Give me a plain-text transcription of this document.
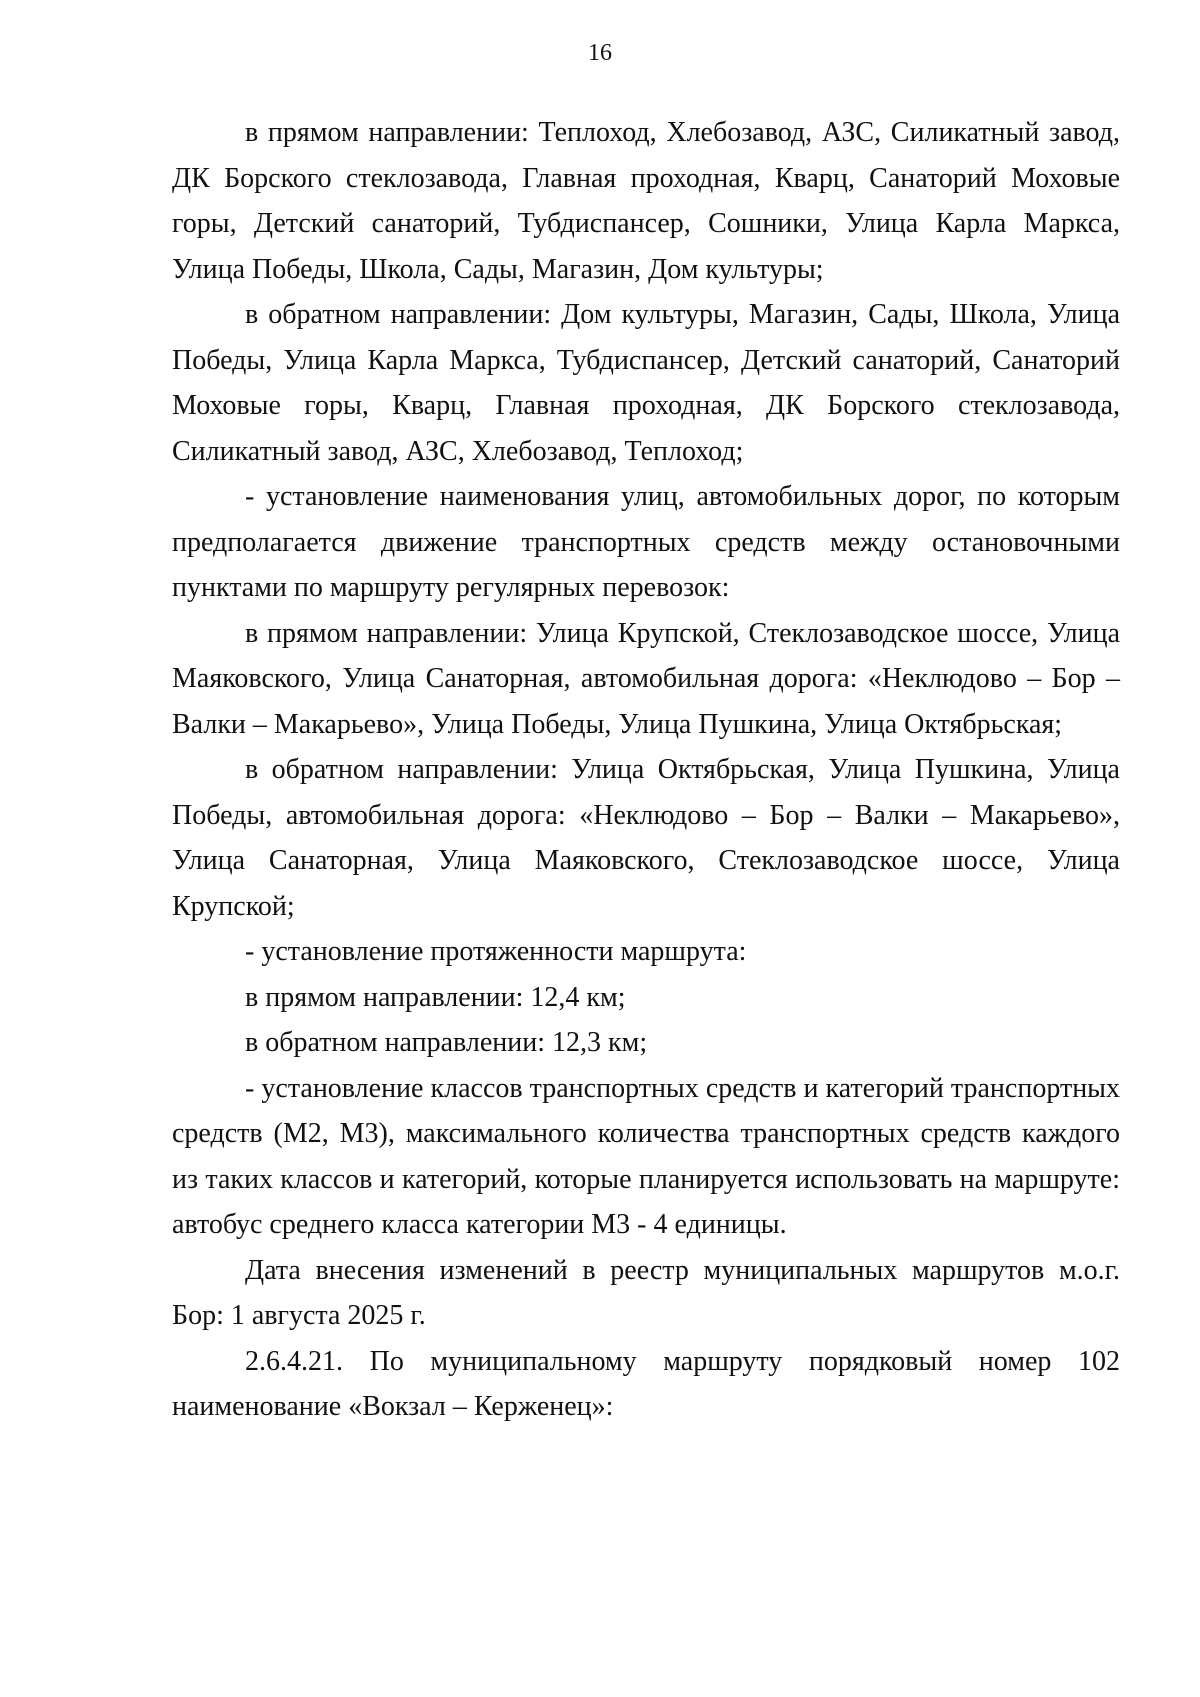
16

в прямом направлении: Теплоход, Хлебозавод, АЗС, Силикатный завод, ДК Борского стеклозавода, Главная проходная, Кварц, Санаторий Моховые горы, Детский санаторий, Тубдиспансер, Сошники, Улица Карла Маркса, Улица Победы, Школа, Сады, Магазин, Дом культуры;

в обратном направлении: Дом культуры, Магазин, Сады, Школа, Улица Победы, Улица Карла Маркса, Тубдиспансер, Детский санаторий, Санаторий Моховые горы, Кварц, Главная проходная, ДК Борского стеклозавода, Силикатный завод, АЗС, Хлебозавод, Теплоход;

- установление наименования улиц, автомобильных дорог, по которым предполагается движение транспортных средств между остановочными пунктами по маршруту регулярных перевозок:

в прямом направлении: Улица Крупской, Стеклозаводское шоссе, Улица Маяковского, Улица Санаторная, автомобильная дорога: «Неклюдово – Бор – Валки – Макарьево», Улица Победы, Улица Пушкина, Улица Октябрьская;

в обратном направлении: Улица Октябрьская, Улица Пушкина, Улица Победы, автомобильная дорога: «Неклюдово – Бор – Валки – Макарьево», Улица Санаторная, Улица Маяковского, Стеклозаводское шоссе, Улица Крупской;

- установление протяженности маршрута:

в прямом направлении: 12,4 км;

в обратном направлении: 12,3 км;

- установление классов транспортных средств и категорий транспортных средств (М2, М3), максимального количества транспортных средств каждого из таких классов и категорий, которые планируется использовать на маршруте: автобус среднего класса категории М3 - 4 единицы.

Дата внесения изменений в реестр муниципальных маршрутов м.о.г. Бор: 1 августа 2025 г.

2.6.4.21. По муниципальному маршруту порядковый номер 102 наименование «Вокзал – Керженец»:
